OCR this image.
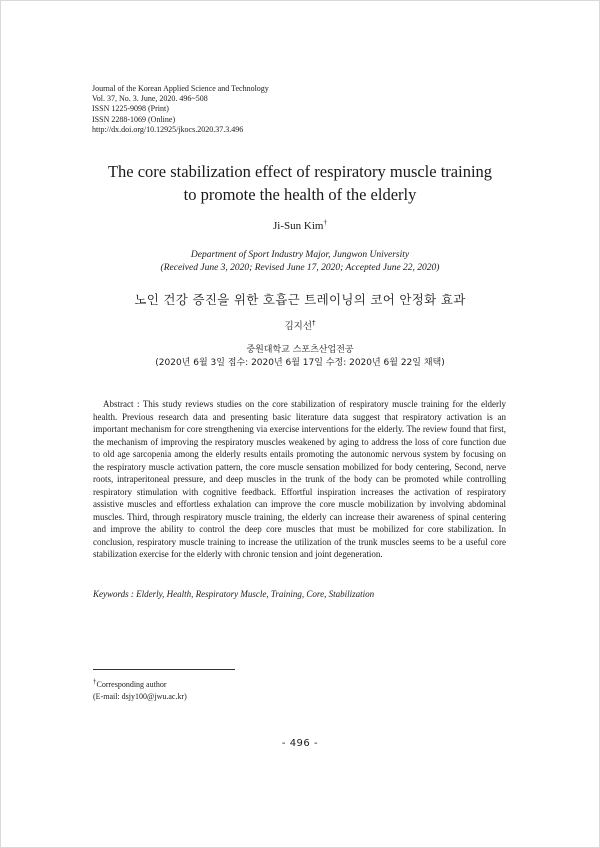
Journal of the Korean Applied Science and Technology
Vol. 37, No. 3. June, 2020. 496~508
ISSN 1225-9098 (Print)
ISSN 2288-1069 (Online)
http://dx.doi.org/10.12925/jkocs.2020.37.3.496
The core stabilization effect of respiratory muscle training
to promote the health of the elderly
Ji-Sun Kim†
Department of Sport Industry Major, Jungwon University
(Received June 3, 2020; Revised June 17, 2020; Accepted June 22, 2020)
노인 건강 증진을 위한 호흡근 트레이닝의 코어 안정화 효과
김지선†
중원대학교 스포츠산업전공
(2020년 6월 3일 접수: 2020년 6월 17일 수정: 2020년 6월 22일 채택)
Abstract : This study reviews studies on the core stabilization of respiratory muscle training for the elderly health. Previous research data and presenting basic literature data suggest that respiratory activation is an important mechanism for core strengthening via exercise interventions for the elderly. The review found that first, the mechanism of improving the respiratory muscles weakened by aging to address the loss of core function due to old age sarcopenia among the elderly results entails promoting the autonomic nervous system by focusing on the respiratory muscle activation pattern, the core muscle sensation mobilized for body centering, Second, nerve roots, intraperitoneal pressure, and deep muscles in the trunk of the body can be promoted while controlling respiratory stimulation with cognitive feedback. Effortful inspiration increases the activation of respiratory assistive muscles and effortless exhalation can improve the core muscle mobilization by involving abdominal muscles. Third, through respiratory muscle training, the elderly can increase their awareness of spinal centering and improve the ability to control the deep core muscles that must be mobilized for core stabilization. In conclusion, respiratory muscle training to increase the utilization of the trunk muscles seems to be a useful core stabilization exercise for the elderly with chronic tension and joint degeneration.
Keywords : Elderly, Health, Respiratory Muscle, Training, Core, Stabilization
†Corresponding author
(E-mail: dsjy100@jwu.ac.kr)
- 496 -
